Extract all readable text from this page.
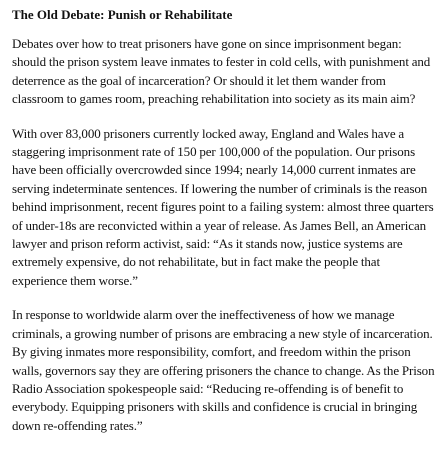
The Old Debate: Punish or Rehabilitate

Debates over how to treat prisoners have gone on since imprisonment began: should the prison system leave inmates to fester in cold cells, with punishment and deterrence as the goal of incarceration? Or should it let them wander from classroom to games room, preaching rehabilitation into society as its main aim?

With over 83,000 prisoners currently locked away, England and Wales have a staggering imprisonment rate of 150 per 100,000 of the population. Our prisons have been officially overcrowded since 1994; nearly 14,000 current inmates are serving indeterminate sentences. If lowering the number of criminals is the reason behind imprisonment, recent figures point to a failing system: almost three quarters of under-18s are reconvicted within a year of release. As James Bell, an American lawyer and prison reform activist, said: “As it stands now, justice systems are extremely expensive, do not rehabilitate, but in fact make the people that experience them worse.”

In response to worldwide alarm over the ineffectiveness of how we manage criminals, a growing number of prisons are embracing a new style of incarceration. By giving inmates more responsibility, comfort, and freedom within the prison walls, governors say they are offering prisoners the chance to change. As the Prison Radio Association spokespeople said: “Reducing re-offending is of benefit to everybody. Equipping prisoners with skills and confidence is crucial in bringing down re-offending rates.”
